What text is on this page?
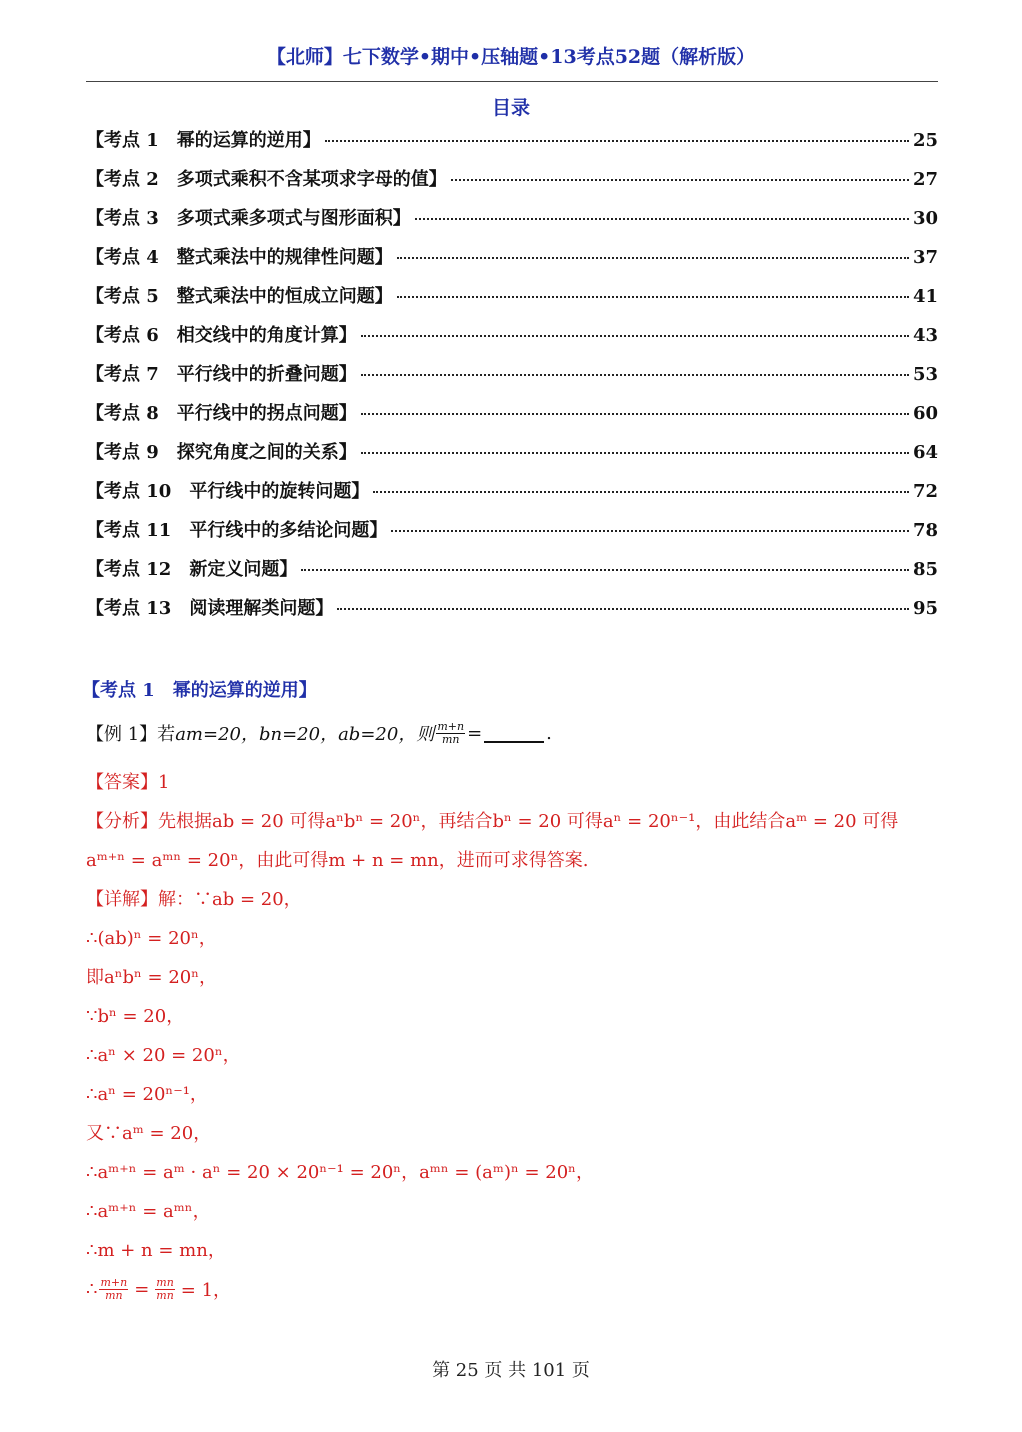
【北师】七下数学•期中•压轴题•13考点52题（解析版）
目录
【考点 1　幂的运算的逆用】	25
【考点 2　多项式乘积不含某项求字母的值】	27
【考点 3　多项式乘多项式与图形面积】	30
【考点 4　整式乘法中的规律性问题】	37
【考点 5　整式乘法中的恒成立问题】	41
【考点 6　相交线中的角度计算】	43
【考点 7　平行线中的折叠问题】	53
【考点 8　平行线中的拐点问题】	60
【考点 9　探究角度之间的关系】	64
【考点 10　平行线中的旋转问题】	72
【考点 11　平行线中的多结论问题】	78
【考点 12　新定义问题】	85
【考点 13　阅读理解类问题】	95
【考点 1　幂的运算的逆用】
【例 1】若 am=20，bn=20，ab=20，则 $\frac{m+n}{mn}$ =	.
【答案】1
【分析】先根据ab = 20 可得aⁿbⁿ = 20ⁿ，再结合bⁿ = 20 可得aⁿ = 20ⁿ⁻¹，由此结合aᵐ = 20 可得
aᵐ⁺ⁿ = aᵐⁿ = 20ⁿ，由此可得m + n = mn，进而可求得答案.
【详解】解：∵ab = 20，
∴(ab)ⁿ = 20ⁿ，
即aⁿbⁿ = 20ⁿ，
∵bⁿ = 20，
∴aⁿ × 20 = 20ⁿ，
∴aⁿ = 20ⁿ⁻¹，
又∵aᵐ = 20，
∴aᵐ⁺ⁿ = aᵐ · aⁿ = 20 × 20ⁿ⁻¹ = 20ⁿ，aᵐⁿ = (aᵐ)ⁿ = 20ⁿ，
∴aᵐ⁺ⁿ = aᵐⁿ，
∴m + n = mn，
∴ $\frac{m+n}{mn} = \frac{mn}{mn} = 1$，
第 25 页 共 101 页
